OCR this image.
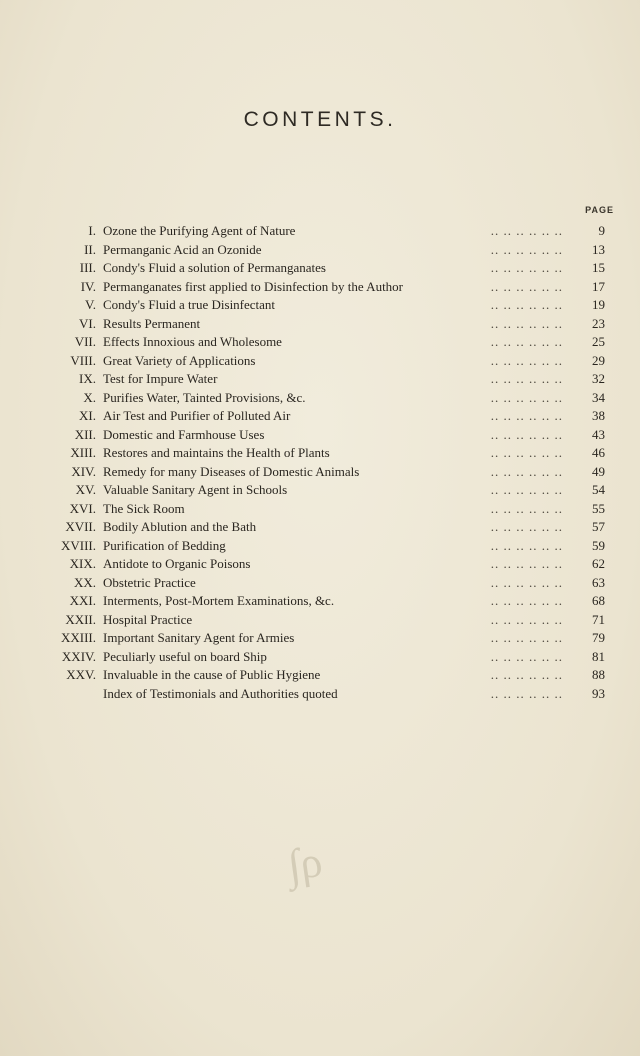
CONTENTS.
PAGE
I. Ozone the Purifying Agent of Nature	.. .. .. .. .. ..	9
II. Permanganic Acid an Ozonide	.. .. .. .. .. ..	13
III. Condy's Fluid a solution of Permanganates	.. .. .. .. .. ..	15
IV. Permanganates first applied to Disinfection by the Author	.. .. .. .. .. ..	17
V. Condy's Fluid a true Disinfectant	.. .. .. .. .. ..	19
VI. Results Permanent	.. .. .. .. .. ..	23
VII. Effects Innoxious and Wholesome	.. .. .. .. .. ..	25
VIII. Great Variety of Applications	.. .. .. .. .. ..	29
IX. Test for Impure Water	.. .. .. .. .. ..	32
X. Purifies Water, Tainted Provisions, &c.	.. .. .. .. .. ..	34
XI. Air Test and Purifier of Polluted Air	.. .. .. .. .. ..	38
XII. Domestic and Farmhouse Uses	.. .. .. .. .. ..	43
XIII. Restores and maintains the Health of Plants	.. .. .. .. .. ..	46
XIV. Remedy for many Diseases of Domestic Animals	.. .. .. .. .. ..	49
XV. Valuable Sanitary Agent in Schools	.. .. .. .. .. ..	54
XVI. The Sick Room	.. .. .. .. .. ..	55
XVII. Bodily Ablution and the Bath	.. .. .. .. .. ..	57
XVIII. Purification of Bedding	.. .. .. .. .. ..	59
XIX. Antidote to Organic Poisons	.. .. .. .. .. ..	62
XX. Obstetric Practice	.. .. .. .. .. ..	63
XXI. Interments, Post-Mortem Examinations, &c.	.. .. .. .. .. ..	68
XXII. Hospital Practice	.. .. .. .. .. ..	71
XXIII. Important Sanitary Agent for Armies	.. .. .. .. .. ..	79
XXIV. Peculiarly useful on board Ship	.. .. .. .. .. ..	81
XXV. Invaluable in the cause of Public Hygiene	.. .. .. .. .. ..	88
Index of Testimonials and Authorities quoted	.. .. .. .. .. ..	93
∫ρ
